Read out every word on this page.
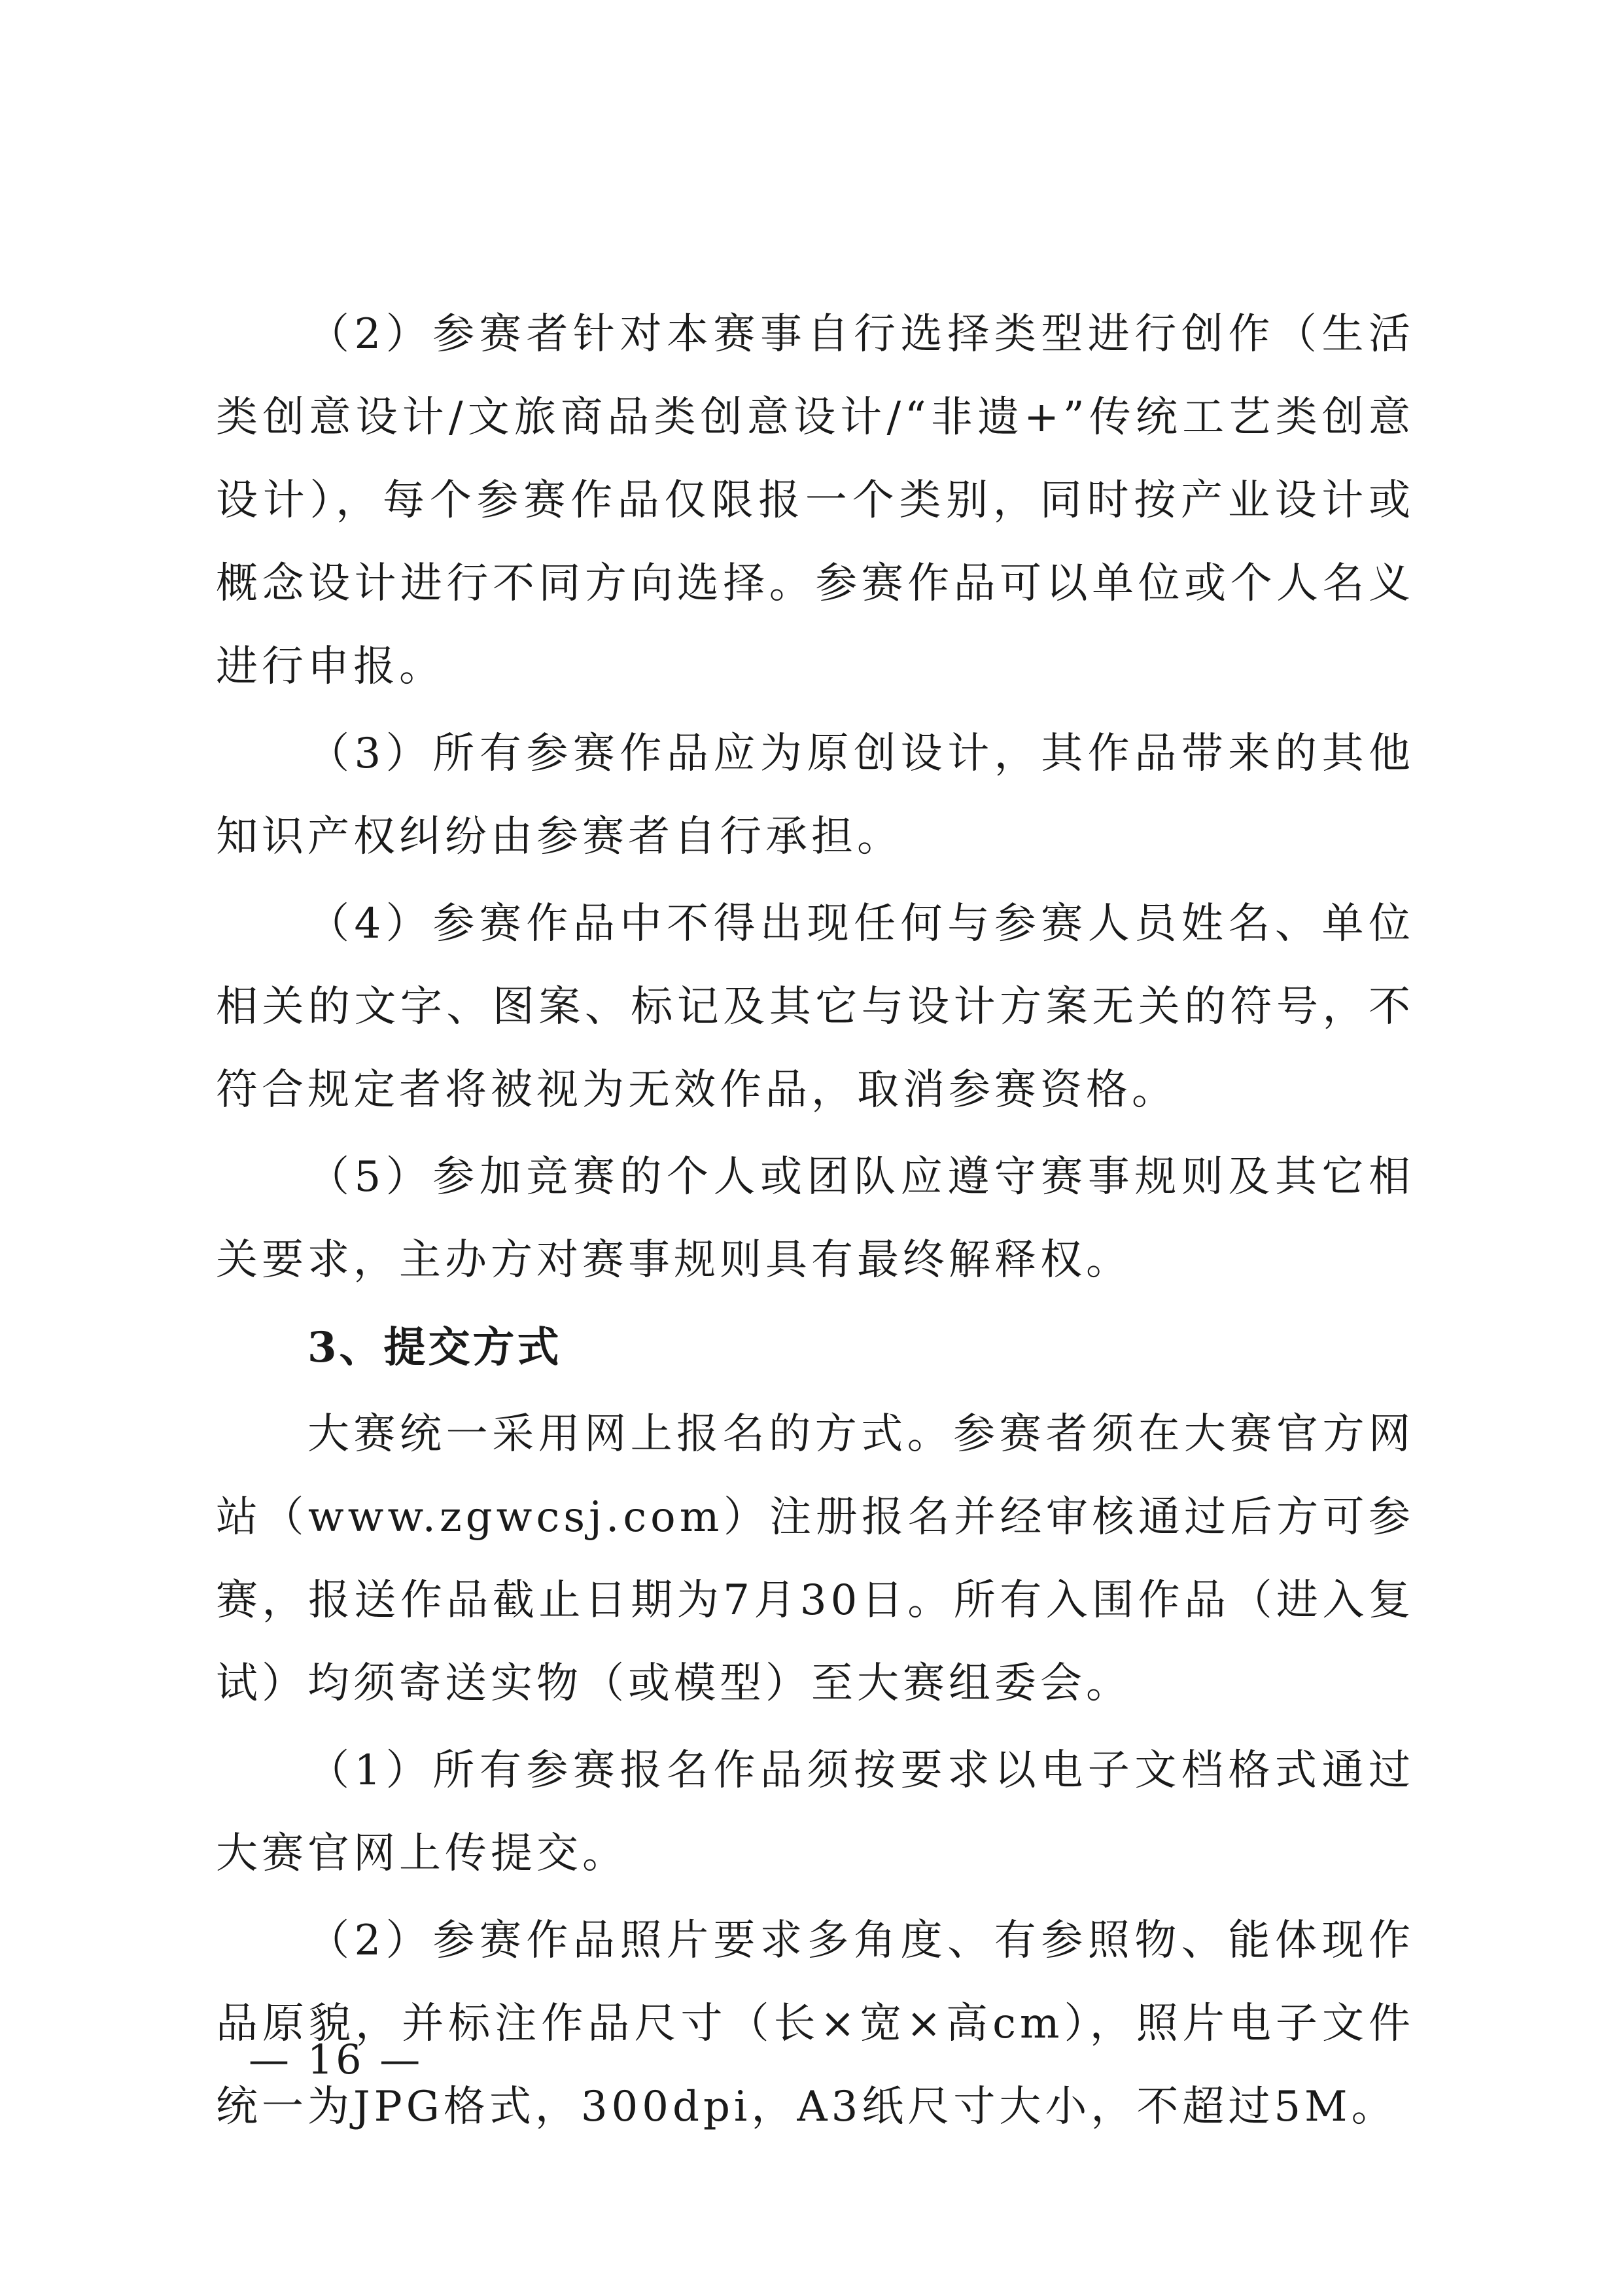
（2）参赛者针对本赛事自行选择类型进行创作（生活类创意设计/文旅商品类创意设计/“非遗+”传统工艺类创意设计），每个参赛作品仅限报一个类别，同时按产业设计或概念设计进行不同方向选择。参赛作品可以单位或个人名义进行申报。

（3）所有参赛作品应为原创设计，其作品带来的其他知识产权纠纷由参赛者自行承担。

（4）参赛作品中不得出现任何与参赛人员姓名、单位相关的文字、图案、标记及其它与设计方案无关的符号，不符合规定者将被视为无效作品，取消参赛资格。

（5）参加竞赛的个人或团队应遵守赛事规则及其它相关要求，主办方对赛事规则具有最终解释权。

3、提交方式

大赛统一采用网上报名的方式。参赛者须在大赛官方网站（www.zgwcsj.com）注册报名并经审核通过后方可参赛，报送作品截止日期为7月30日。所有入围作品（进入复试）均须寄送实物（或模型）至大赛组委会。

（1）所有参赛报名作品须按要求以电子文档格式通过大赛官网上传提交。

（2）参赛作品照片要求多角度、有参照物、能体现作品原貌，并标注作品尺寸（长×宽×高cm），照片电子文件统一为JPG格式，300dpi，A3纸尺寸大小，不超过5M。

— 16 —
